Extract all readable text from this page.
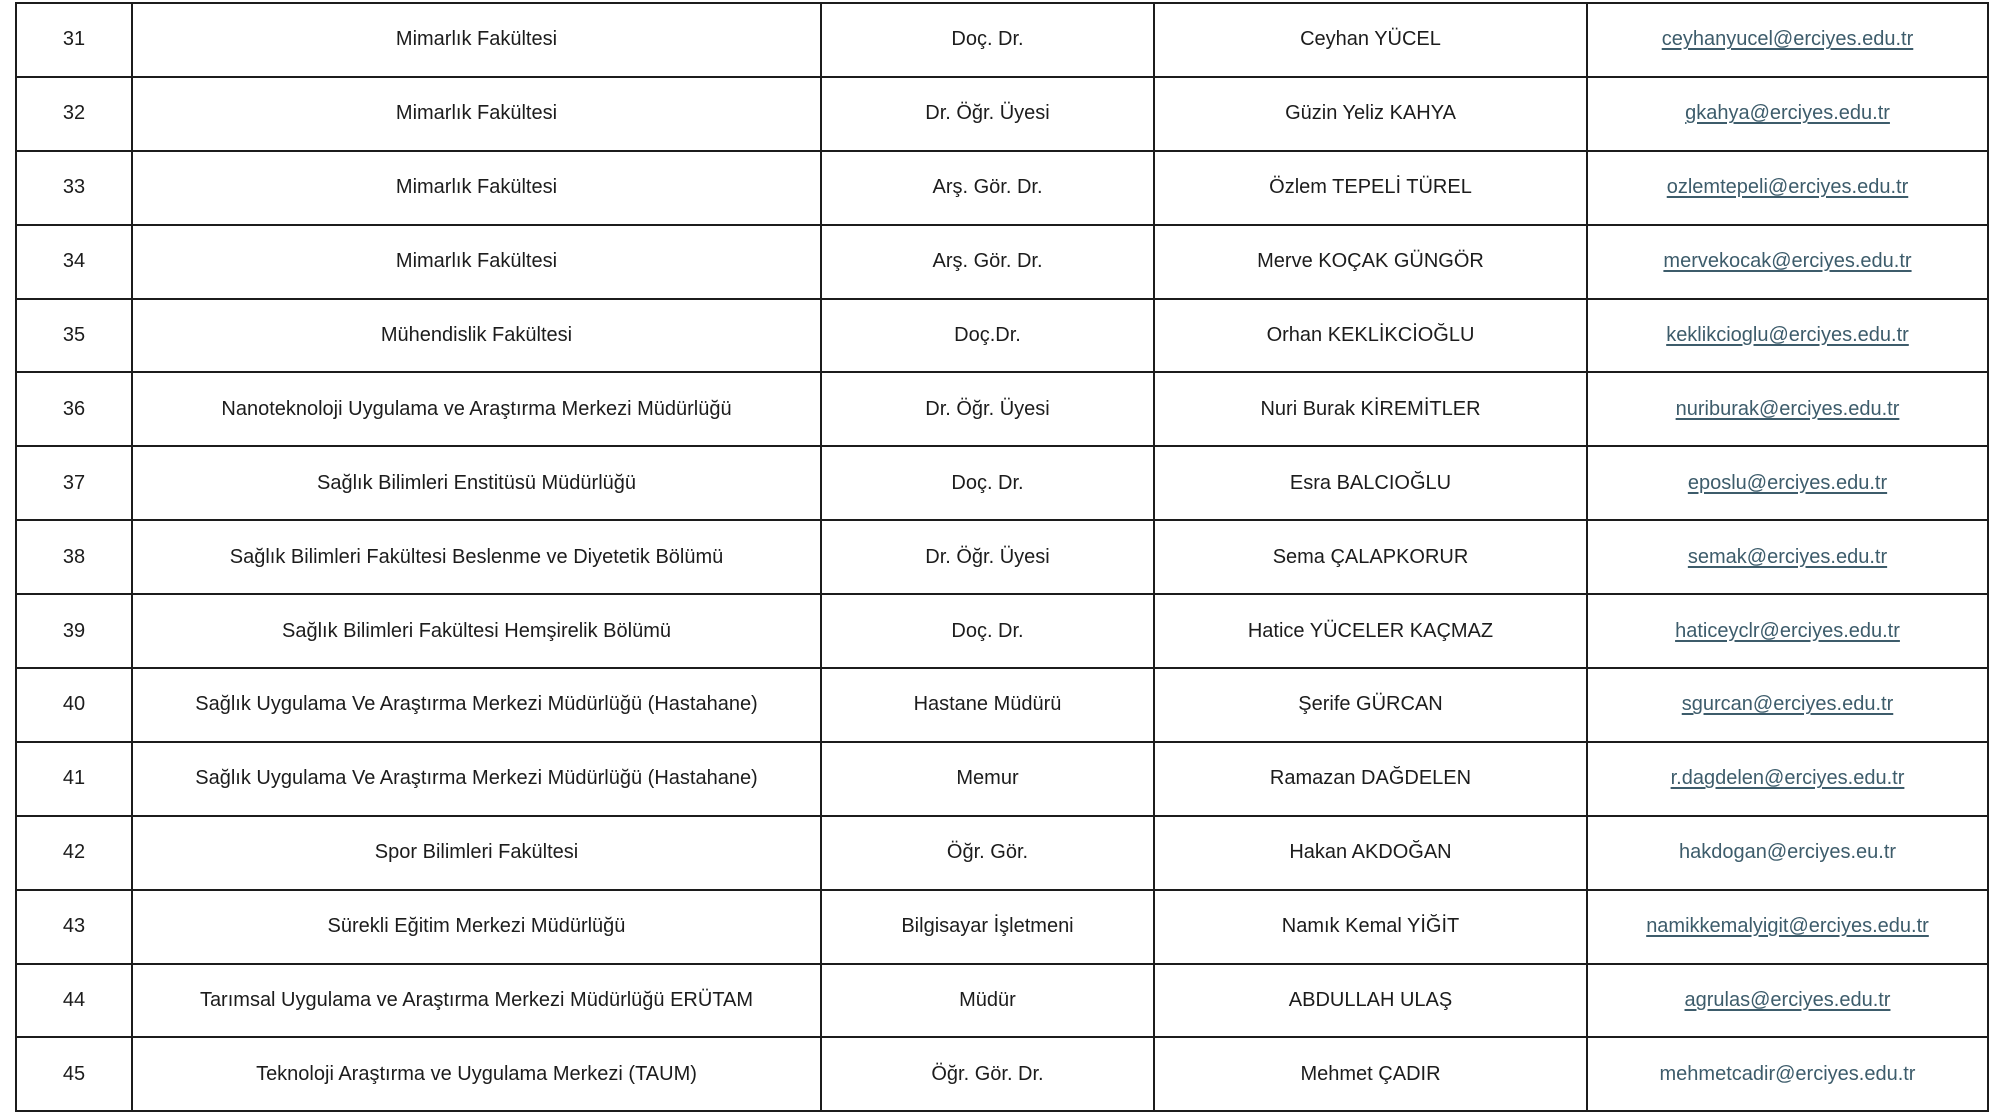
31	Mimarlık Fakültesi	Doç. Dr.	Ceyhan YÜCEL	ceyhanyucel@erciyes.edu.tr
32	Mimarlık Fakültesi	Dr. Öğr. Üyesi	Güzin Yeliz KAHYA	gkahya@erciyes.edu.tr
33	Mimarlık Fakültesi	Arş. Gör. Dr.	Özlem TEPELİ TÜREL	ozlemtepeli@erciyes.edu.tr
34	Mimarlık Fakültesi	Arş. Gör. Dr.	Merve KOÇAK GÜNGÖR	mervekocak@erciyes.edu.tr
35	Mühendislik Fakültesi	Doç.Dr.	Orhan KEKLİKCİOĞLU	keklikcioglu@erciyes.edu.tr
36	Nanoteknoloji Uygulama ve Araştırma Merkezi Müdürlüğü	Dr. Öğr. Üyesi	Nuri Burak KİREMİTLER	nuriburak@erciyes.edu.tr
37	Sağlık Bilimleri Enstitüsü Müdürlüğü	Doç. Dr.	Esra BALCIOĞLU	eposlu@erciyes.edu.tr
38	Sağlık Bilimleri Fakültesi Beslenme ve Diyetetik Bölümü	Dr. Öğr. Üyesi	Sema ÇALAPKORUR	semak@erciyes.edu.tr
39	Sağlık Bilimleri Fakültesi Hemşirelik Bölümü	Doç. Dr.	Hatice YÜCELER KAÇMAZ	haticeyclr@erciyes.edu.tr
40	Sağlık Uygulama Ve Araştırma Merkezi Müdürlüğü (Hastahane)	Hastane Müdürü	Şerife GÜRCAN	sgurcan@erciyes.edu.tr
41	Sağlık Uygulama Ve Araştırma Merkezi Müdürlüğü (Hastahane)	Memur	Ramazan DAĞDELEN	r.dagdelen@erciyes.edu.tr
42	Spor Bilimleri Fakültesi	Öğr. Gör.	Hakan AKDOĞAN	hakdogan@erciyes.eu.tr
43	Sürekli Eğitim Merkezi Müdürlüğü	Bilgisayar İşletmeni	Namık Kemal YİĞİT	namikkemalyigit@erciyes.edu.tr
44	Tarımsal Uygulama ve Araştırma Merkezi Müdürlüğü ERÜTAM	Müdür	ABDULLAH ULAŞ	agrulas@erciyes.edu.tr
45	Teknoloji Araştırma ve Uygulama Merkezi (TAUM)	Öğr. Gör. Dr.	Mehmet ÇADIR	mehmetcadir@erciyes.edu.tr
